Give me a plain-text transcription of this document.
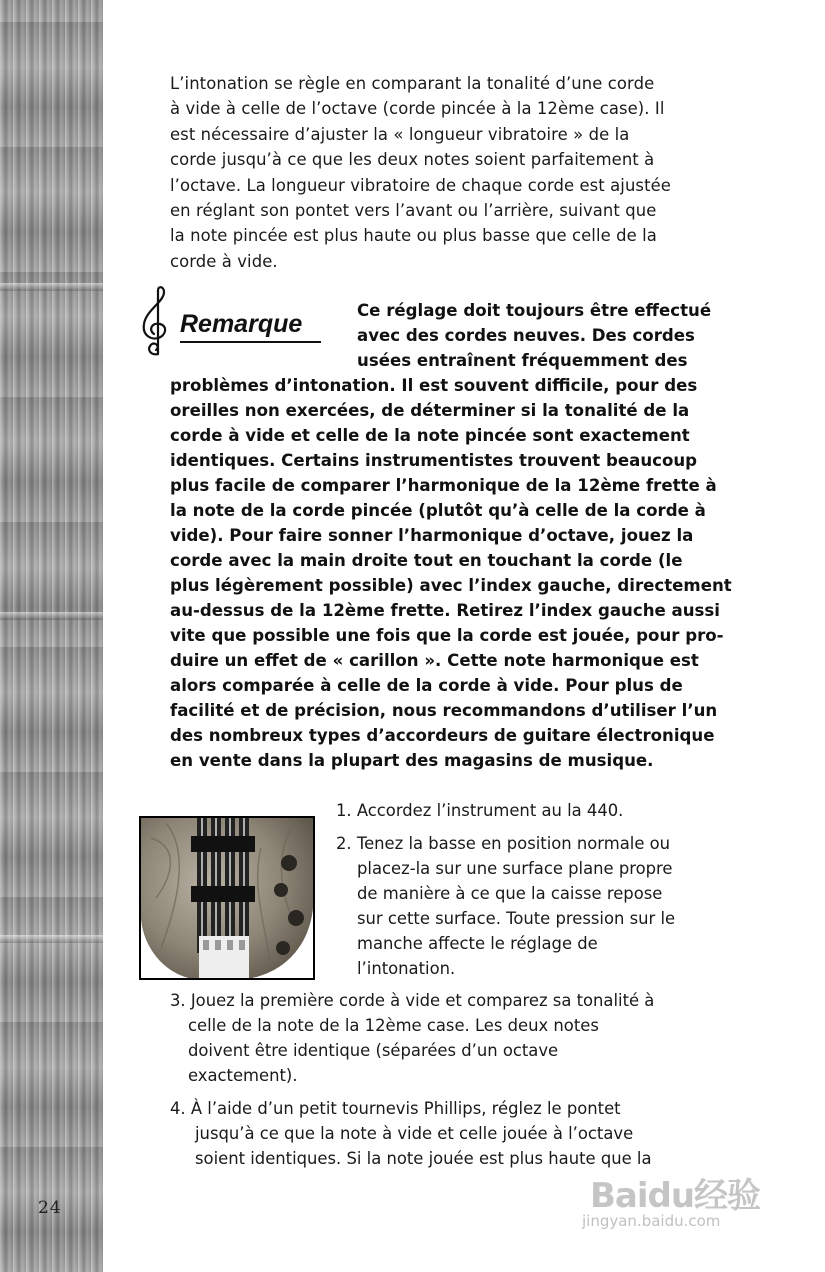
24
L’intonation se règle en comparant la tonalité d’une corde
à vide à celle de l’octave (corde pincée à la 12ème case). Il
est nécessaire d’ajuster la « longueur vibratoire » de la
corde jusqu’à ce que les deux notes soient parfaitement à
l’octave. La longueur vibratoire de chaque corde est ajustée
en réglant son pontet vers l’avant ou l’arrière, suivant que
la note pincée est plus haute ou plus basse que celle de la
corde à vide.
Remarque	Ce réglage doit toujours être effectué
avec des cordes neuves. Des cordes
usées entraînent fréquemment des
problèmes d’intonation. Il est souvent difficile, pour des
oreilles non exercées, de déterminer si la tonalité de la
corde à vide et celle de la note pincée sont exactement
identiques. Certains instrumentistes trouvent beaucoup
plus facile de comparer l’harmonique de la 12ème frette à
la note de la corde pincée (plutôt qu’à celle de la corde à
vide). Pour faire sonner l’harmonique d’octave, jouez la
corde avec la main droite tout en touchant la corde (le
plus légèrement possible) avec l’index gauche, directement
au-dessus de la 12ème frette. Retirez l’index gauche aussi
vite que possible une fois que la corde est jouée, pour pro-
duire un effet de « carillon ». Cette note harmonique est
alors comparée à celle de la corde à vide. Pour plus de
facilité et de précision, nous recommandons d’utiliser l’un
des nombreux types d’accordeurs de guitare électronique
en vente dans la plupart des magasins de musique.
1. Accordez l’instrument au la 440.
2. Tenez la basse en position normale ou
placez-la sur une surface plane propre
de manière à ce que la caisse repose
sur cette surface. Toute pression sur le
manche affecte le réglage de
l’intonation.
3. Jouez la première corde à vide et comparez sa tonalité à
celle de la note de la 12ème case. Les deux notes
doivent être identique (séparées d’un octave
exactement).
4. À l’aide d’un petit tournevis Phillips, réglez le pontet
jusqu’à ce que la note à vide et celle jouée à l’octave
soient identiques. Si la note jouée est plus haute que la
Baidu经验
jingyan.baidu.com
